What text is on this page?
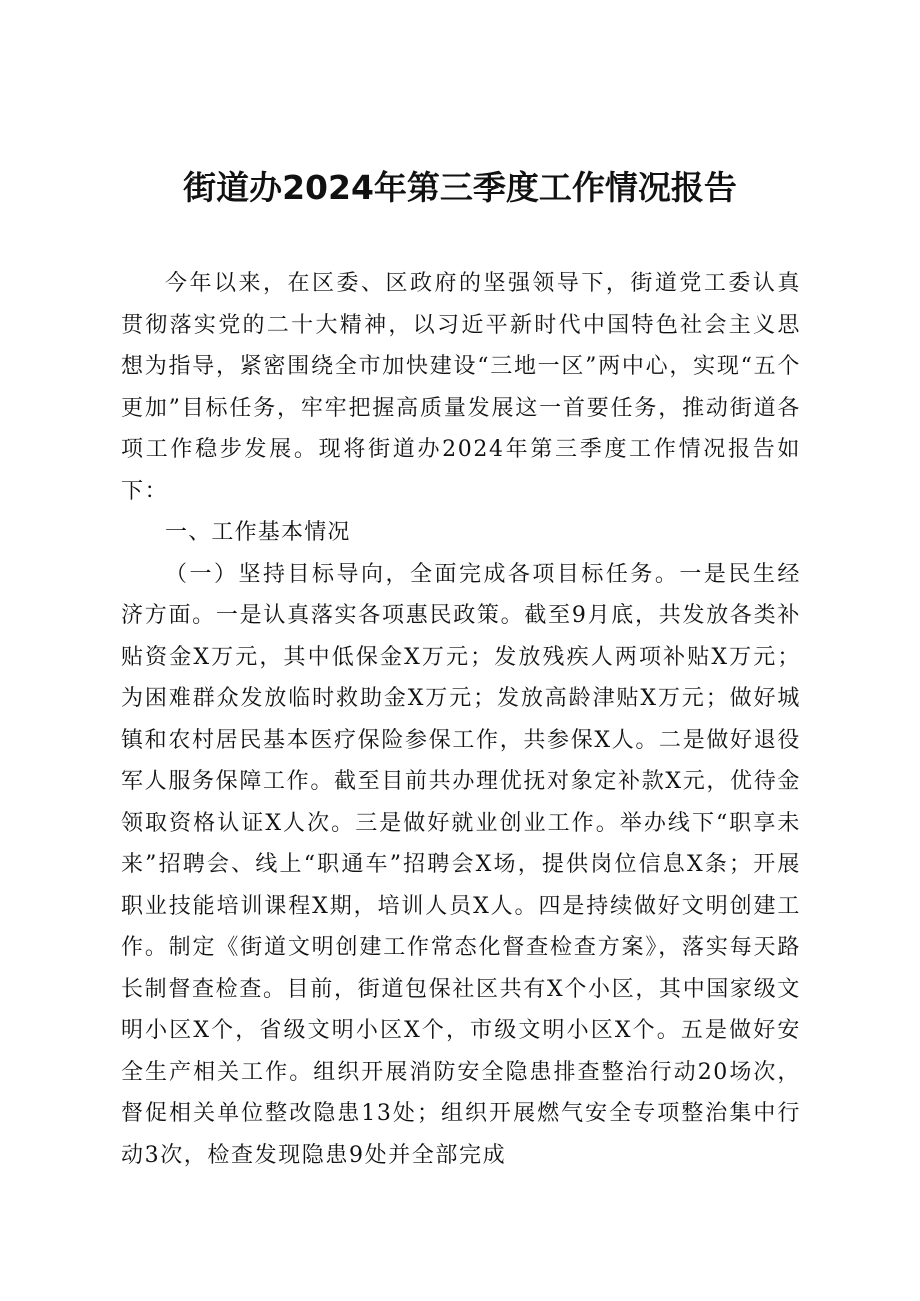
街道办2024年第三季度工作情况报告

今年以来，在区委、区政府的坚强领导下，街道党工委认真贯彻落实党的二十大精神，以习近平新时代中国特色社会主义思想为指导，紧密围绕全市加快建设“三地一区”两中心，实现“五个更加”目标任务，牢牢把握高质量发展这一首要任务，推动街道各项工作稳步发展。现将街道办2024年第三季度工作情况报告如下：

一、工作基本情况

（一）坚持目标导向，全面完成各项目标任务。一是民生经济方面。一是认真落实各项惠民政策。截至9月底，共发放各类补贴资金X万元，其中低保金X万元；发放残疾人两项补贴X万元；为困难群众发放临时救助金X万元；发放高龄津贴X万元；做好城镇和农村居民基本医疗保险参保工作，共参保X人。二是做好退役军人服务保障工作。截至目前共办理优抚对象定补款X元，优待金领取资格认证X人次。三是做好就业创业工作。举办线下“职享未来”招聘会、线上“职通车”招聘会X场，提供岗位信息X条；开展职业技能培训课程X期，培训人员X人。四是持续做好文明创建工作。制定《街道文明创建工作常态化督查检查方案》，落实每天路长制督查检查。目前，街道包保社区共有X个小区，其中国家级文明小区X个，省级文明小区X个，市级文明小区X个。五是做好安全生产相关工作。组织开展消防安全隐患排查整治行动20场次，督促相关单位整改隐患13处；组织开展燃气安全专项整治集中行动3次，检查发现隐患9处并全部完成
